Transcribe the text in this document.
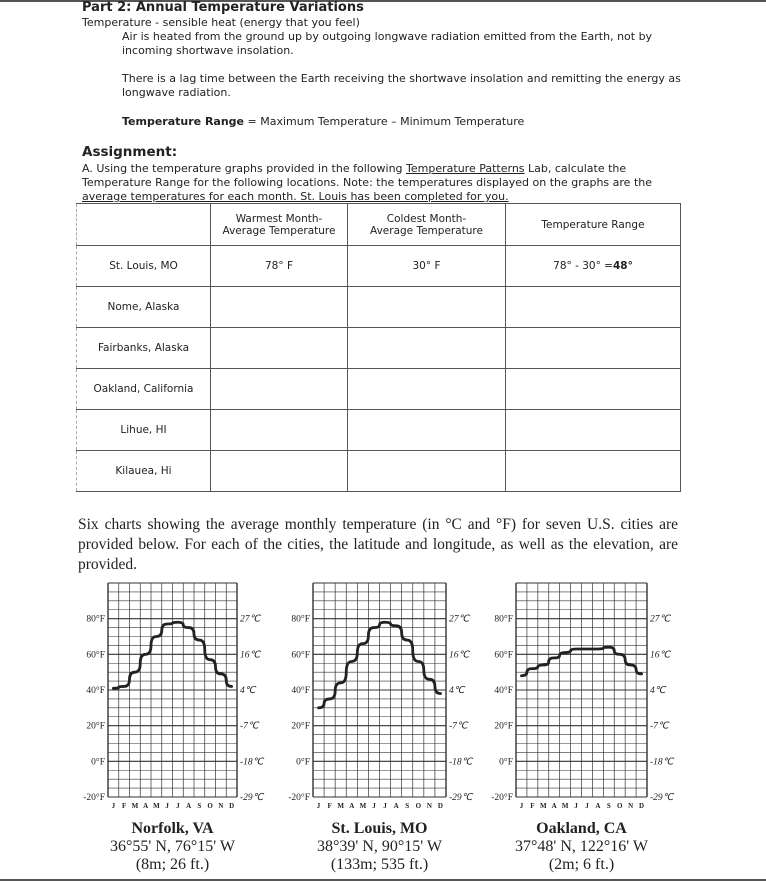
Part 2: Annual Temperature Variations
Temperature - sensible heat (energy that you feel)
Air is heated from the ground up by outgoing longwave radiation emitted from the Earth, not by incoming shortwave insolation.
There is a lag time between the Earth receiving the shortwave insolation and remitting the energy as longwave radiation.
Temperature Range = Maximum Temperature – Minimum Temperature
Assignment:
A. Using the temperature graphs provided in the following Temperature Patterns Lab, calculate the Temperature Range for the following locations. Note: the temperatures displayed on the graphs are the average temperatures for each month. St. Louis has been completed for you.
	Warmest Month-
Average Temperature	Coldest Month-
Average Temperature	Temperature Range
St. Louis, MO	78° F	30° F	78° - 30° =48°
Nome, Alaska			
Fairbanks, Alaska			
Oakland, California			
Lihue, HI			
Kilauea, Hi			
Six charts showing the average monthly temperature (in °C and °F) for seven U.S. cities are provided below. For each of the cities, the latitude and longitude, as well as the elevation, are provided.
80°F	27℃
60°F	16℃
40°F	4℃
20°F	-7℃
0°F	-18℃
-20°F	-29℃
J F M A M J J A S O N D
Norfolk, VA
36°55' N, 76°15' W
(8m; 26 ft.)
80°F	27℃
60°F	16℃
40°F	4℃
20°F	-7℃
0°F	-18℃
-20°F	-29℃
J F M A M J J A S O N D
St. Louis, MO
38°39' N, 90°15' W
(133m; 535 ft.)
80°F	27℃
60°F	16℃
40°F	4℃
20°F	-7℃
0°F	-18℃
-20°F	-29℃
J F M A M J J A S O N D
Oakland, CA
37°48' N, 122°16' W
(2m; 6 ft.)
